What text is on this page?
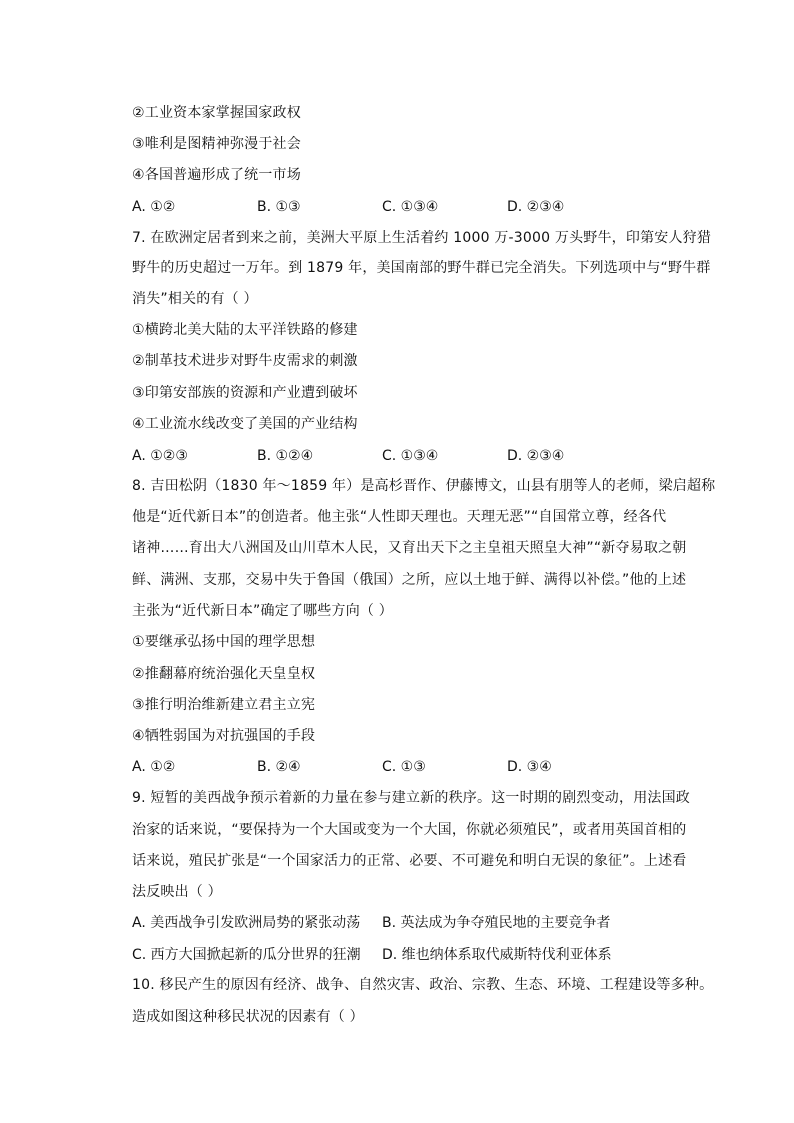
②工业资本家掌握国家政权
③唯利是图精神弥漫于社会
④各国普遍形成了统一市场
A. ①②	B. ①③	C. ①③④	D. ②③④
7. 在欧洲定居者到来之前，美洲大平原上生活着约 1000 万-3000 万头野牛，印第安人狩猎
野牛的历史超过一万年。到 1879 年，美国南部的野牛群已完全消失。下列选项中与“野牛群
消失”相关的有（ ）
①横跨北美大陆的太平洋铁路的修建
②制革技术进步对野牛皮需求的刺激
③印第安部族的资源和产业遭到破坏
④工业流水线改变了美国的产业结构
A. ①②③	B. ①②④	C. ①③④	D. ②③④
8. 吉田松阴（1830 年～1859 年）是高杉晋作、伊藤博文，山县有朋等人的老师，梁启超称
他是“近代新日本”的创造者。他主张“人性即天理也。天理无恶”“自国常立尊，经各代
诸神……育出大八洲国及山川草木人民，又育出天下之主皇祖天照皇大神”“新夺易取之朝
鲜、满洲、支那，交易中失于鲁国（俄国）之所，应以土地于鲜、满得以补偿。”他的上述
主张为“近代新日本”确定了哪些方向（ ）
①要继承弘扬中国的理学思想
②推翻幕府统治强化天皇皇权
③推行明治维新建立君主立宪
④牺牲弱国为对抗强国的手段
A. ①②	B. ②④	C. ①③	D. ③④
9. 短暂的美西战争预示着新的力量在参与建立新的秩序。这一时期的剧烈变动，用法国政
治家的话来说，“要保持为一个大国或变为一个大国，你就必须殖民”，或者用英国首相的
话来说，殖民扩张是“一个国家活力的正常、必要、不可避免和明白无误的象征”。上述看
法反映出（ ）
A. 美西战争引发欧洲局势的紧张动荡 B. 英法成为争夺殖民地的主要竞争者
C. 西方大国掀起新的瓜分世界的狂潮 D. 维也纳体系取代威斯特伐利亚体系
10. 移民产生的原因有经济、战争、自然灾害、政治、宗教、生态、环境、工程建设等多种。
造成如图这种移民状况的因素有（ ）
